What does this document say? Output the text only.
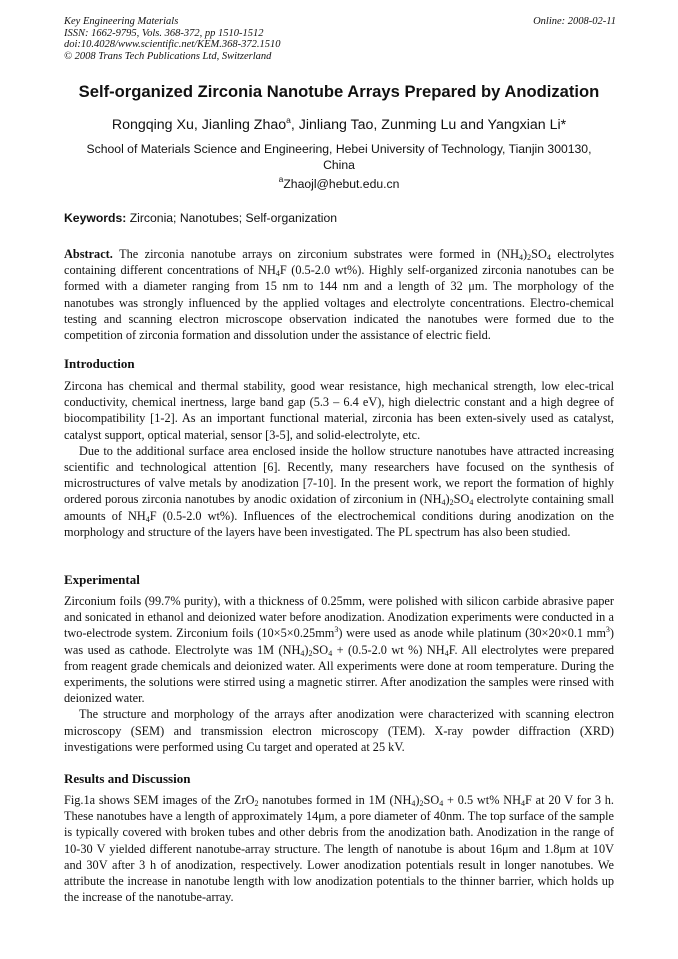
Key Engineering Materials
ISSN: 1662-9795, Vols. 368-372, pp 1510-1512
doi:10.4028/www.scientific.net/KEM.368-372.1510
© 2008 Trans Tech Publications Ltd, Switzerland
Online: 2008-02-11
Self-organized Zirconia Nanotube Arrays Prepared by Anodization
Rongqing Xu, Jianling Zhao$^a$, Jinliang Tao, Zunming Lu and Yangxian Li*
School of Materials Science and Engineering, Hebei University of Technology, Tianjin 300130, China
$^a$Zhaojl@hebut.edu.cn
Keywords: Zirconia; Nanotubes; Self-organization

Abstract. The zirconia nanotube arrays on zirconium substrates were formed in $(NH_4)_2SO_4$ electrolytes containing different concentrations of $NH_4F$ (0.5-2.0 wt%). Highly self-organized zirconia nanotubes can be formed with a diameter ranging from 15 nm to 144 nm and a length of 32 μm. The morphology of the nanotubes was strongly influenced by the applied voltages and electrolyte concentrations. Electro-chemical testing and scanning electron microscope observation indicated the nanotubes were formed due to the competition of zirconia formation and dissolution under the assistance of electric field.

Introduction

Zircona has chemical and thermal stability, good wear resistance, high mechanical strength, low elec-trical conductivity, chemical inertness, large band gap (5.3 – 6.4 eV), high dielectric constant and a high degree of biocompatibility [1-2]. As an important functional material, zirconia has been exten-sively used as catalyst, catalyst support, optical material, sensor [3-5], and solid-electrolyte, etc.

Due to the additional surface area enclosed inside the hollow structure nanotubes have attracted increasing scientific and technological attention [6]. Recently, many researchers have focused on the synthesis of microstructures of valve metals by anodization [7-10]. In the present work, we report the formation of highly ordered porous zirconia nanotubes by anodic oxidation of zirconium in $(NH_4)_2SO_4$ electrolyte containing small amounts of $NH_4F$ (0.5-2.0 wt%). Influences of the electrochemical conditions during anodization on the morphology and structure of the layers have been investigated. The PL spectrum has also been studied.

Experimental

Zirconium foils (99.7% purity), with a thickness of 0.25mm, were polished with silicon carbide abrasive paper and sonicated in ethanol and deionized water before anodization. Anodization experiments were conducted in a two-electrode system. Zirconium foils $(10\times 5\times 0.25mm^3)$ were used as anode while platinum (30×20×0.1 $mm^3$) was used as cathode. Electrolyte was 1M $(NH_4)_2SO_4 + (0.5-2.0$ wt %) $NH_4F$. All electrolytes were prepared from reagent grade chemicals and deionized water. All experiments were done at room temperature. During the experiments, the solutions were stirred using a magnetic stirrer. After anodization the samples were rinsed with deionized water.

The structure and morphology of the arrays after anodization were characterized with scanning electron microscopy (SEM) and transmission electron microscopy (TEM). X-ray powder diffraction (XRD) investigations were performed using Cu target and operated at 25 kV.

Results and Discussion

Fig.1a shows SEM images of the ZrO$_2$ nanotubes formed in 1M $(NH_4)_2SO_4 + 0.5$ wt% $NH_4F$ at 20 V for 3 h. These nanotubes have a length of approximately 14μm, a pore diameter of 40nm. The top surface of the sample is typically covered with broken tubes and other debris from the anodization bath. Anodization in the range of 10-30 V yielded different nanotube-array structure. The length of nanotube is about 16μm and 1.8μm at 10V and 30V after 3 h of anodization, respectively. Lower anodization potentials result in longer nanotubes. We attribute the increase in nanotube length with low anodization potentials to the thinner barrier, which holds up the increase of the nanotube-array.
